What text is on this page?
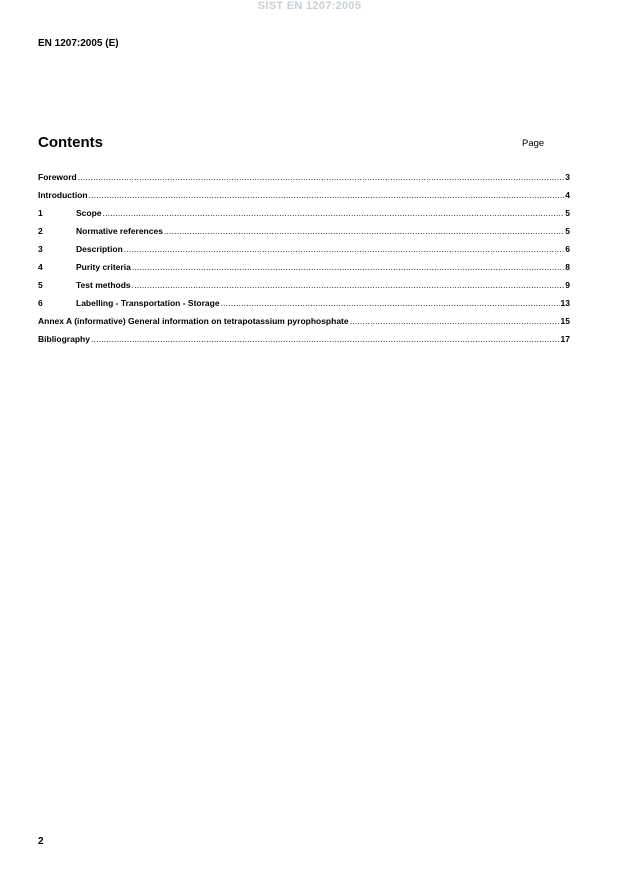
SIST EN 1207:2005
EN 1207:2005 (E)
Contents	Page
Foreword .....	3
Introduction .....	4
1	Scope .....	5
2	Normative references .....	5
3	Description .....	6
4	Purity criteria .....	8
5	Test methods .....	9
6	Labelling - Transportation - Storage .....	13
Annex A (informative) General information on tetrapotassium pyrophosphate .....	15
Bibliography .....	17
2
